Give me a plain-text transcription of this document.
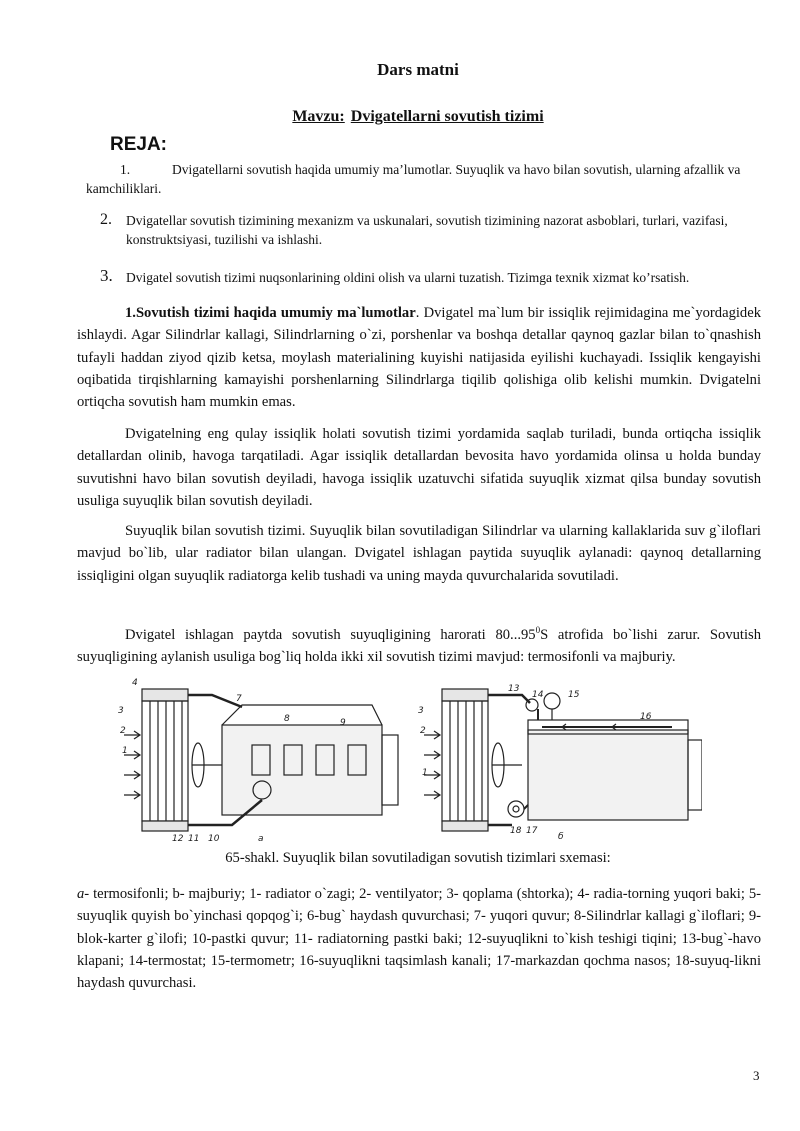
Dars matni
Mavzu: Dvigatellarni sovutish tizimi
REJA:
1.	Dvigatellarni sovutish haqida umumiy ma’lumotlar. Suyuqlik va havo bilan sovutish, ularning afzallik va kamchiliklari.
2. Dvigatellar sovutish tizimining mexanizm va uskunalari, sovutish tizimining nazorat asboblari, turlari, vazifasi, konstruktsiyasi, tuzilishi va ishlashi.
3. Dvigatel sovutish tizimi nuqsonlarining oldini olish va ularni tuzatish. Tizimga texnik xizmat ko’rsatish.

1.Sovutish tizimi haqida umumiy ma`lumotlar. Dvigatel ma`lum bir issiqlik rejimidagina me`yordagidek ishlaydi. Agar Silindrlar kallagi, Silindrlarning o`zi, porshenlar va boshqa detallar qaynoq gazlar bilan to`qnashish tufayli haddan ziyod qizib ketsa, moylash materialining kuyishi natijasida eyilishi kuchayadi. Issiqlik kengayishi oqibatida tirqishlarning kamayishi porshenlarning Silindrlarga tiqilib qolishiga olib kelishi mumkin. Dvigatelni ortiqcha sovutish ham mumkin emas.

Dvigatelning eng qulay issiqlik holati sovutish tizimi yordamida saqlab turiladi, bunda ortiqcha issiqlik detallardan olinib, havoga tarqatiladi. Agar issiqlik detallardan bevosita havo yordamida olinsa u holda bunday suvutishni havo bilan sovutish deyiladi, havoga issiqlik uzatuvchi sifatida suyuqlik xizmat qilsa bunday sovutish usuliga suyuqlik bilan sovutish deyiladi.

Suyuqlik bilan sovutish tizimi. Suyuqlik bilan sovutiladigan Silindrlar va ularning kallaklarida suv g`iloflari mavjud bo`lib, ular radiator bilan ulangan. Dvigatel ishlagan paytida suyuqlik aylanadi: qaynoq detallarning issiqligini olgan suyuqlik radiatorga kelib tushadi va uning mayda quvurchalarida sovutiladi.

Dvigatel ishlagan paytda sovutish suyuqligining harorati 80...95$^0$S atrofida bo`lishi zarur. Sovutish suyuqligining aylanish usuliga bog`liq holda ikki xil sovutish tizimi mavjud: termosifonli va majburiy.

4
3
2
1
7
8	9
12 11 10	a
3
2
1
13
14	15
16
18 17
б
65-shakl. Suyuqlik bilan sovutiladigan sovutish tizimlari sxemasi:
a- termosifonli; b- majburiy; 1- radiator o`zagi; 2- ventilyator; 3- qoplama (shtorka); 4- radia-torning yuqori baki; 5-suyuqlik quyish bo`yinchasi qopqog`i; 6-bug` haydash quvurchasi; 7- yuqori quvur; 8-Silindrlar kallagi g`iloflari; 9-blok-karter g`ilofi; 10-pastki quvur; 11- radiatorning pastki baki; 12-suyuqlikni to`kish teshigi tiqini; 13-bug`-havo klapani; 14-termostat; 15-termometr; 16-suyuqlikni taqsimlash kanali; 17-markazdan qochma nasos; 18-suyuq-likni haydash quvurchasi.
3
